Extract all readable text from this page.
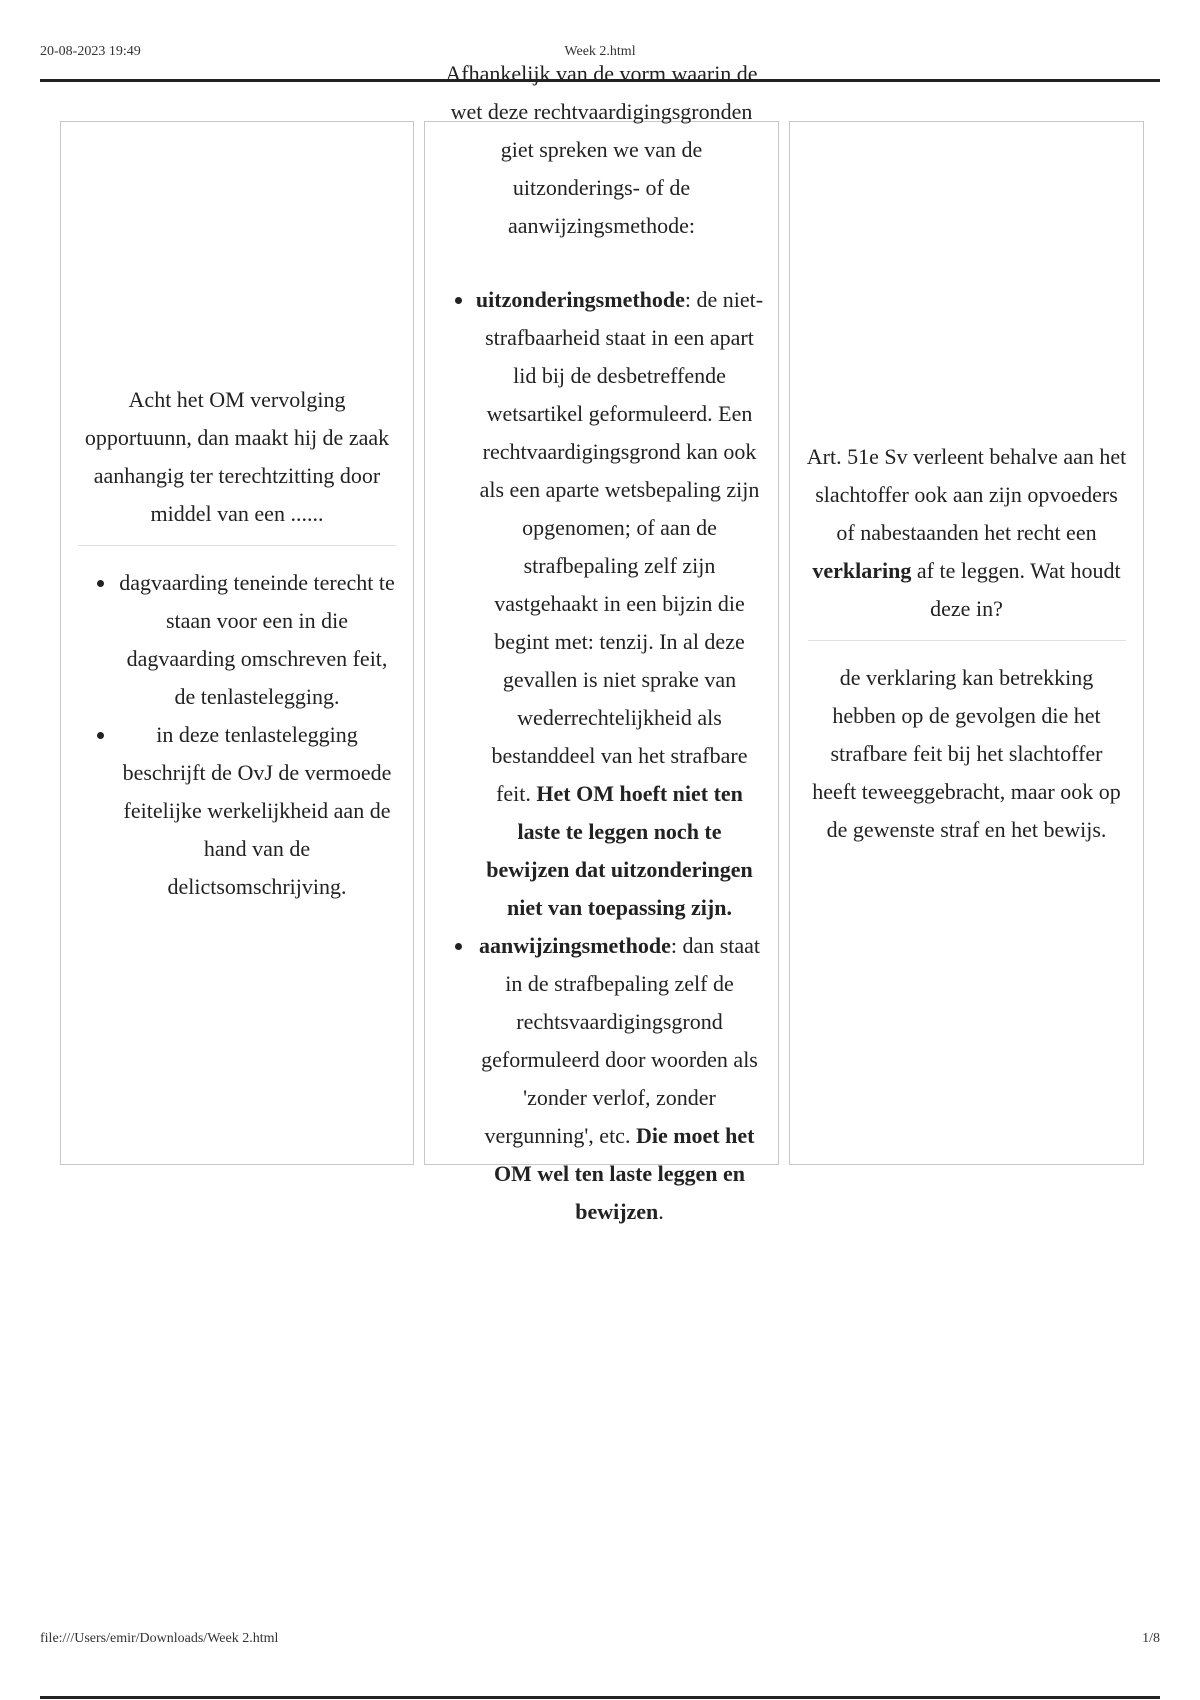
20-08-2023 19:49	Week 2.html

Acht het OM vervolging opportuunn, dan maakt hij de zaak aanhangig ter terechtzitting door middel van een ......

• dagvaarding teneinde terecht te staan voor een in die dagvaarding omschreven feit, de tenlastelegging.
• in deze tenlastelegging beschrijft de OvJ de vermoede feitelijke werkelijkheid aan de hand van de delictsomschrijving.

Afhankelijk van de vorm waarin de wet deze rechtvaardigingsgronden giet spreken we van de uitzonderings- of de aanwijzingsmethode:

• uitzonderingsmethode: de niet-strafbaarheid staat in een apart lid bij de desbetreffende wetsartikel geformuleerd. Een rechtvaardigingsgrond kan ook als een aparte wetsbepaling zijn opgenomen; of aan de strafbepaling zelf zijn vastgehaakt in een bijzin die begint met: tenzij. In al deze gevallen is niet sprake van wederrechtelijkheid als bestanddeel van het strafbare feit. Het OM hoeft niet ten laste te leggen noch te bewijzen dat uitzonderingen niet van toepassing zijn.
• aanwijzingsmethode: dan staat in de strafbepaling zelf de rechtsvaardigingsgrond geformuleerd door woorden als 'zonder verlof, zonder vergunning', etc. Die moet het OM wel ten laste leggen en bewijzen.

Art. 51e Sv verleent behalve aan het slachtoffer ook aan zijn opvoeders of nabestaanden het recht een verklaring af te leggen. Wat houdt deze in?

de verklaring kan betrekking hebben op de gevolgen die het strafbare feit bij het slachtoffer heeft teweeggebracht, maar ook op de gewenste straf en het bewijs.

file:///Users/emir/Downloads/Week 2.html	1/8
